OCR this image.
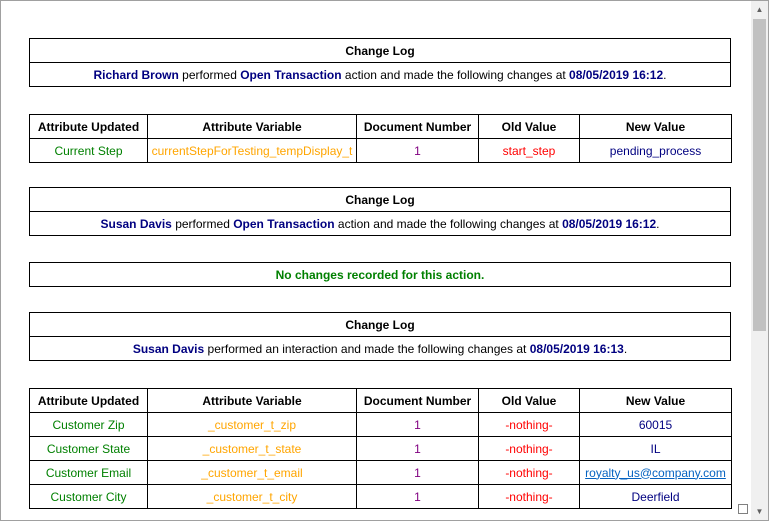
Change Log
Richard Brown performed Open Transaction action and made the following changes at 08/05/2019 16:12.
Attribute Updated	Attribute Variable	Document Number	Old Value	New Value
Current Step	currentStepForTesting_tempDisplay_t	1	start_step	pending_process
Change Log
Susan Davis performed Open Transaction action and made the following changes at 08/05/2019 16:12.
No changes recorded for this action.
Change Log
Susan Davis performed an interaction and made the following changes at 08/05/2019 16:13.
Attribute Updated	Attribute Variable	Document Number	Old Value	New Value
Customer Zip	_customer_t_zip	1	-nothing-	60015
Customer State	_customer_t_state	1	-nothing-	IL
Customer Email	_customer_t_email	1	-nothing-	royalty_us@company.com
Customer City	_customer_t_city	1	-nothing-	Deerfield
▲
▼
